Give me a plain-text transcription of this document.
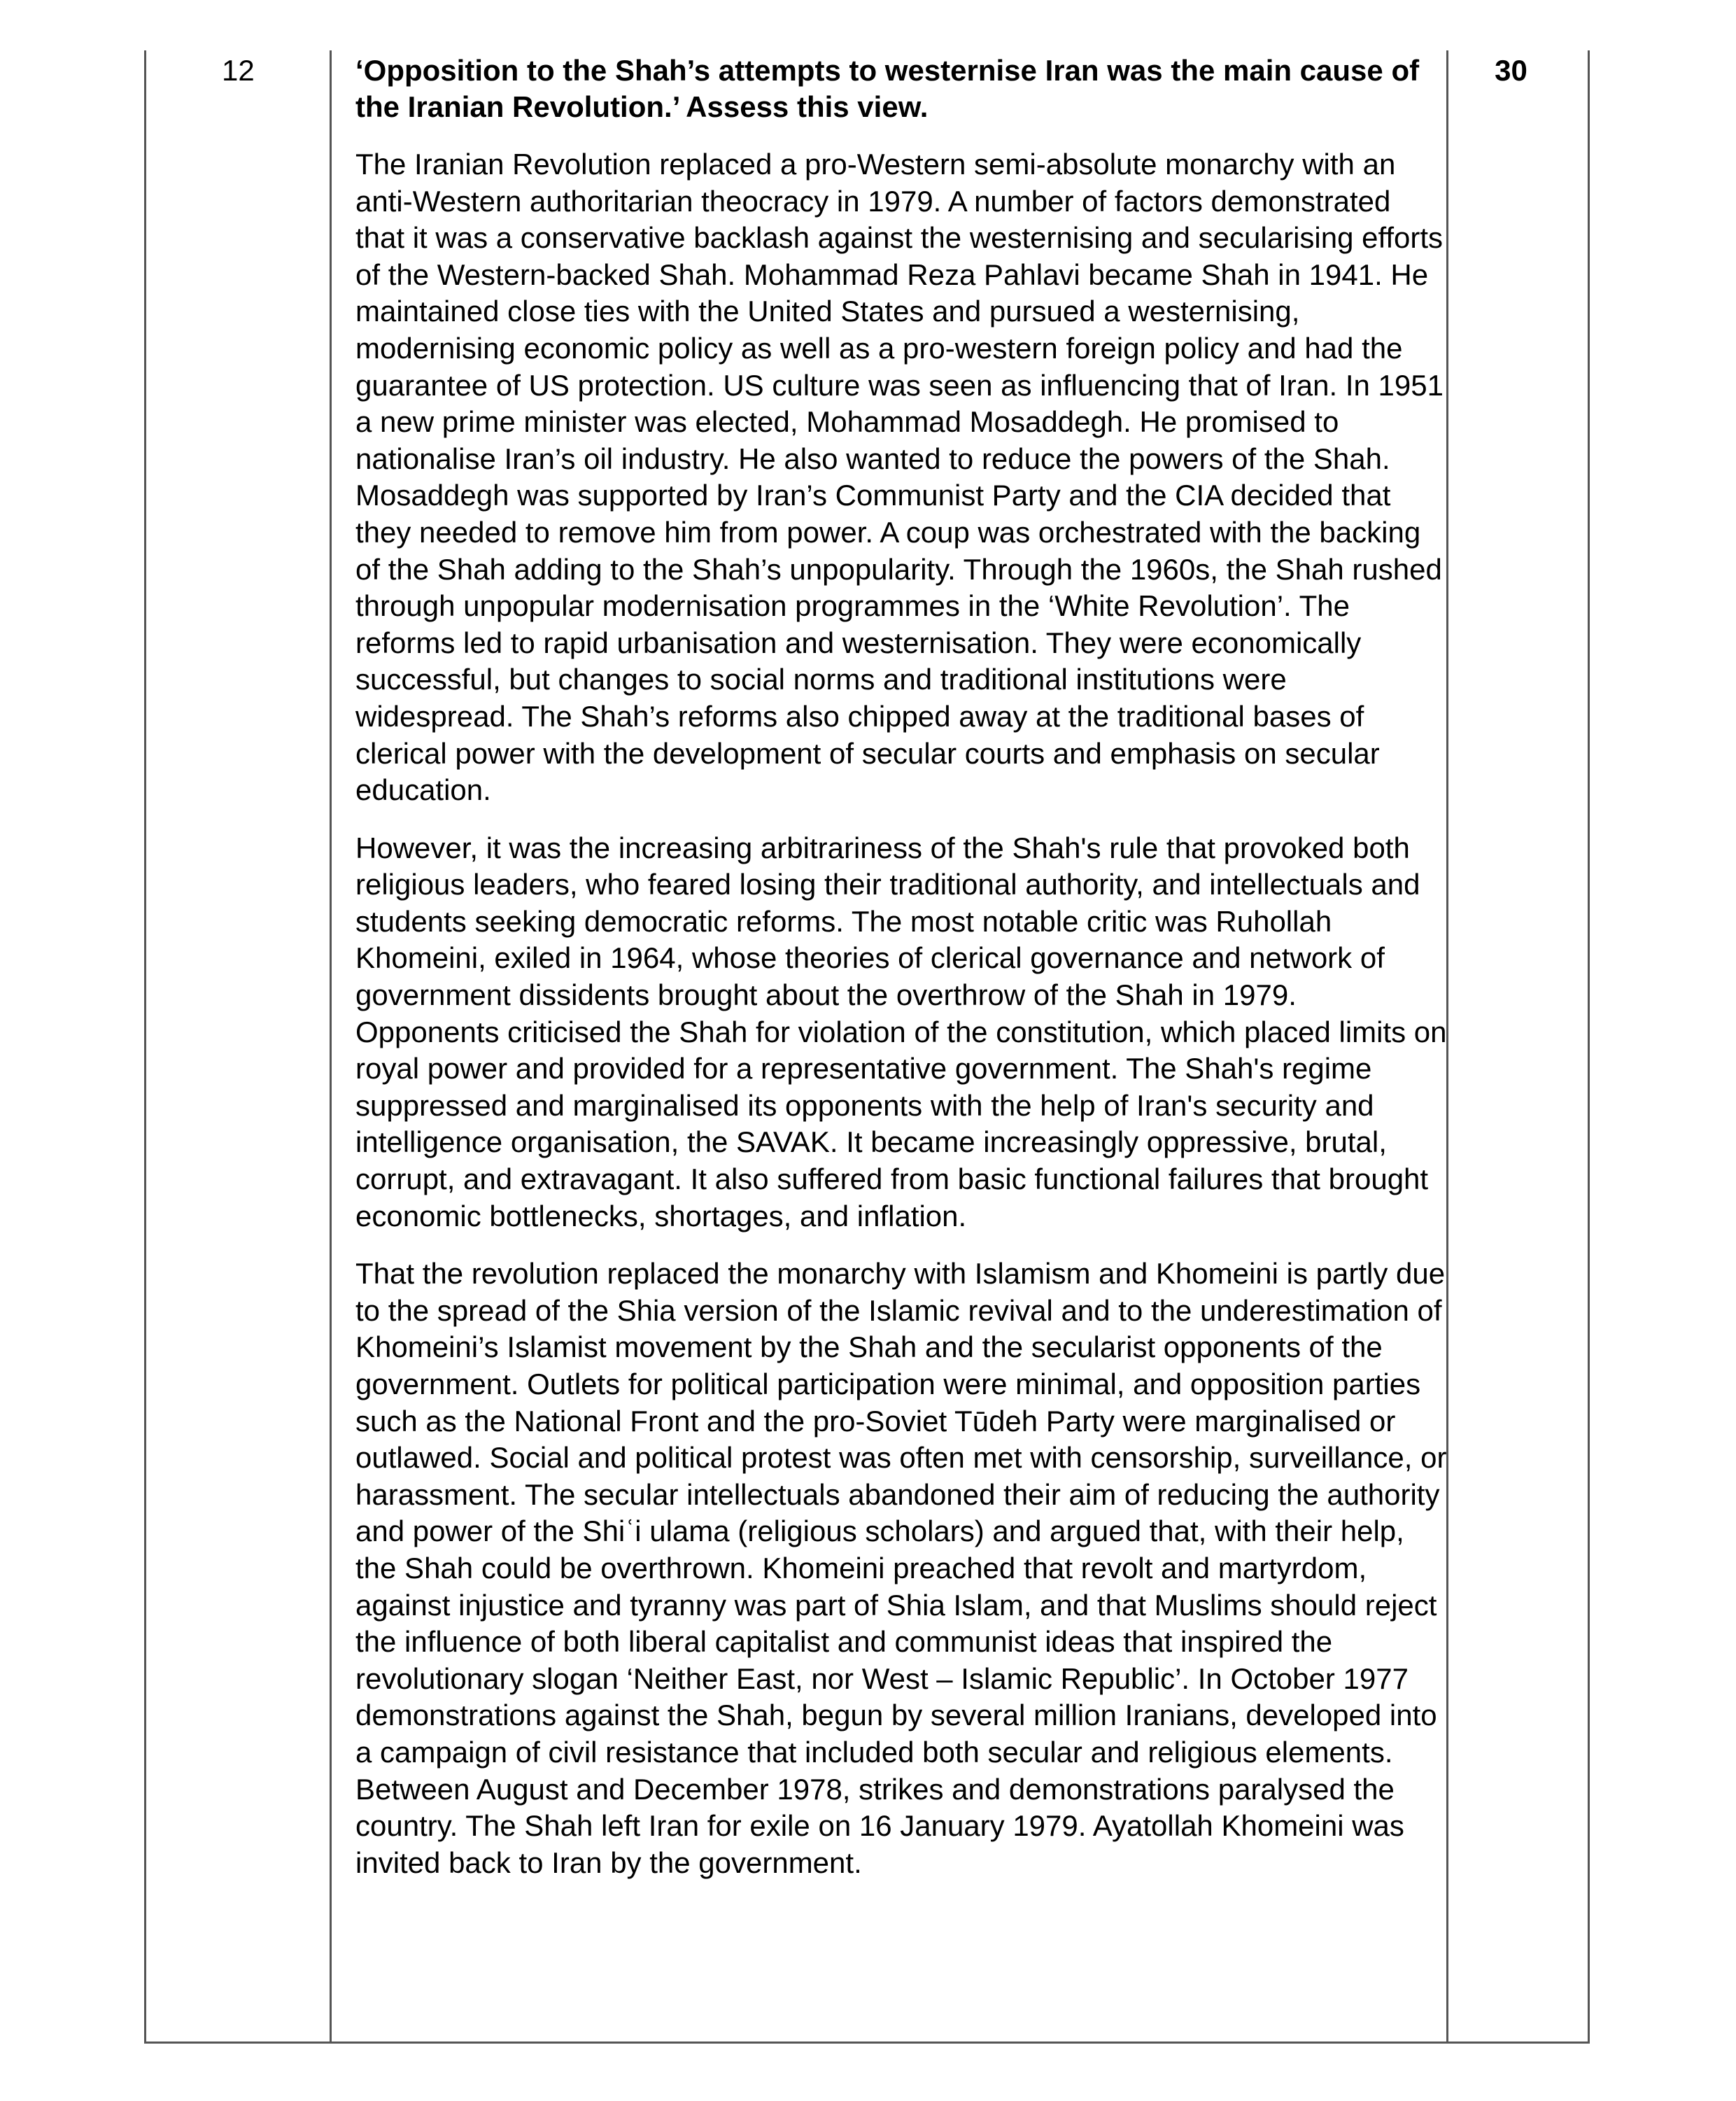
12	‘Opposition to the Shah’s attempts to westernise Iran was the main cause of the Iranian Revolution.’ Assess this view.

The Iranian Revolution replaced a pro-Western semi-absolute monarchy with an anti-Western authoritarian theocracy in 1979. A number of factors demonstrated that it was a conservative backlash against the westernising and secularising efforts of the Western-backed Shah. Mohammad Reza Pahlavi became Shah in 1941. He maintained close ties with the United States and pursued a westernising, modernising economic policy as well as a pro-western foreign policy and had the guarantee of US protection. US culture was seen as influencing that of Iran. In 1951 a new prime minister was elected, Mohammad Mosaddegh. He promised to nationalise Iran’s oil industry. He also wanted to reduce the powers of the Shah. Mosaddegh was supported by Iran’s Communist Party and the CIA decided that they needed to remove him from power. A coup was orchestrated with the backing of the Shah adding to the Shah’s unpopularity. Through the 1960s, the Shah rushed through unpopular modernisation programmes in the ‘White Revolution’. The reforms led to rapid urbanisation and westernisation. They were economically successful, but changes to social norms and traditional institutions were widespread. The Shah’s reforms also chipped away at the traditional bases of clerical power with the development of secular courts and emphasis on secular education.

However, it was the increasing arbitrariness of the Shah's rule that provoked both religious leaders, who feared losing their traditional authority, and intellectuals and students seeking democratic reforms. The most notable critic was Ruhollah Khomeini, exiled in 1964, whose theories of clerical governance and network of government dissidents brought about the overthrow of the Shah in 1979. Opponents criticised the Shah for violation of the constitution, which placed limits on royal power and provided for a representative government. The Shah's regime suppressed and marginalised its opponents with the help of Iran's security and intelligence organisation, the SAVAK. It became increasingly oppressive, brutal, corrupt, and extravagant. It also suffered from basic functional failures that brought economic bottlenecks, shortages, and inflation.

That the revolution replaced the monarchy with Islamism and Khomeini is partly due to the spread of the Shia version of the Islamic revival and to the underestimation of Khomeini’s Islamist movement by the Shah and the secularist opponents of the government. Outlets for political participation were minimal, and opposition parties such as the National Front and the pro-Soviet Tūdeh Party were marginalised or outlawed. Social and political protest was often met with censorship, surveillance, or harassment. The secular intellectuals abandoned their aim of reducing the authority and power of the Shiʿi ulama (religious scholars) and argued that, with their help, the Shah could be overthrown. Khomeini preached that revolt and martyrdom, against injustice and tyranny was part of Shia Islam, and that Muslims should reject the influence of both liberal capitalist and communist ideas that inspired the revolutionary slogan ‘Neither East, nor West – Islamic Republic’. In October 1977 demonstrations against the Shah, begun by several million Iranians, developed into a campaign of civil resistance that included both secular and religious elements. Between August and December 1978, strikes and demonstrations paralysed the country. The Shah left Iran for exile on 16 January 1979. Ayatollah Khomeini was invited back to Iran by the government.

30
